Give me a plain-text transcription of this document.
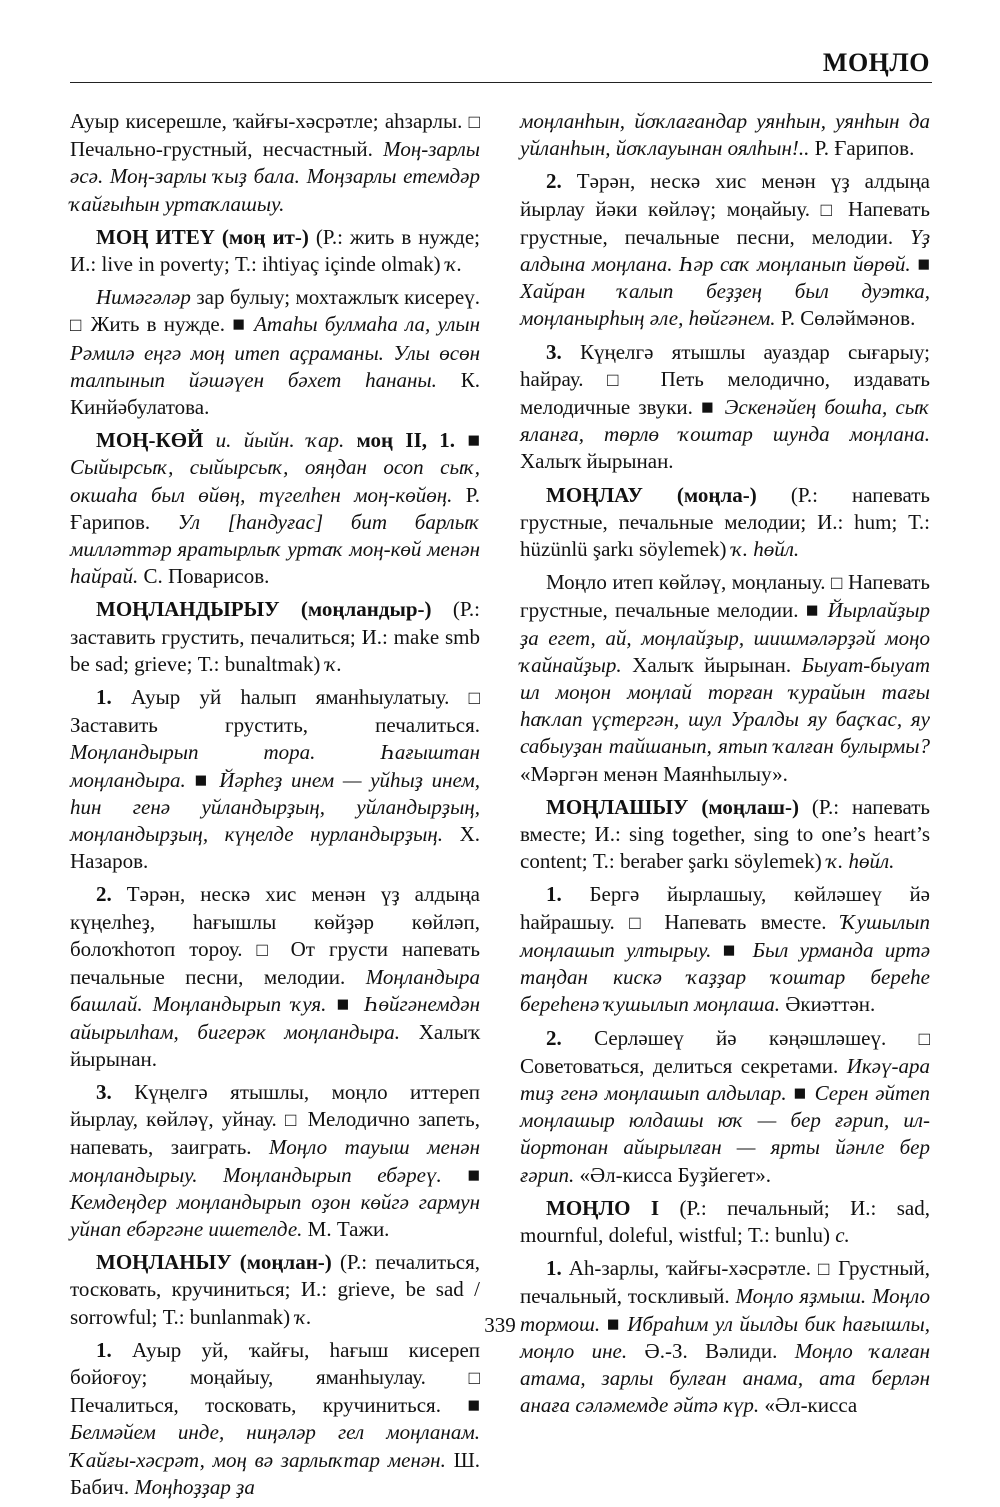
МОҢЛО

Ауыр кисерешле, ҡайғы-хәсрәтле; аһзарлы. □ Печально-грустный, несчастный. Моң-зарлы әсә. Моң-зарлы ҡыҙ бала. Моңзарлы етемдәр ҡайғыһын уртаҡлашыу.

МОҢ ИТЕҮ (моң ит-) (Р.: жить в нужде; И.: live in poverty; Т.: ihtiyaç içinde olmak) ҡ.

Нимәгәләр зар булыу; мохтажлыҡ кисереү. □ Жить в нужде. ■ Атаһы булмаһа ла, улын Рәмилә еңгә моң итеп аҫраманы. Улы өсөн талпынып йәшәүен бәхет һананы. К. Кинйәбулатова.

МОҢ-КӨЙ и. йыйн. ҡар. моң II, 1. ■ Сыйырсыҡ, сыйырсыҡ, ояңдан осоп сыҡ, окшаһа был өйөң, түгелһен моң-көйөң. Р. Ғарипов. Ул [һандуғас] бит барлыҡ милләттәр яратырлыҡ уртаҡ моң-көй менән һайрай. С. Поварисов.

МОҢЛАНДЫРЫУ (моңландыр-) (Р.: заставить грустить, печалиться; И.: make smb be sad; grieve; Т.: bunaltmak) ҡ.

1. Ауыр уй һалып яманһыулатыу. □ Заставить грустить, печалиться. Моңландырып тора. Һағыштан моңландыра. ■ Йәрһеҙ инем — уйһыҙ инем, һин генә уйландырҙың, уйландырҙың, моңландырҙың, күңелде нурландырҙың. Х. Назаров.

2. Тәрән, нескә хис менән үҙ алдыңа күңелһеҙ, һағышлы көйҙәр көйләп, болоҡһотоп тороу. □ От грусти напевать печальные песни, мелодии. Моңландыра башлай. Моңландырып ҡуя. ■ Һөйгәнемдән айырылһам, бигерәк моңландыра. Халыҡ йырынан.

3. Күңелгә ятышлы, моңло иттереп йырлау, көйләү, уйнау. □ Мелодично запеть, напевать, заиграть. Моңло тауыш менән моңландырыу. Моңландырып ебәреү. ■ Кемдеңдер моңландырып оҙон көйгә гармун уйнап ебәргәне ишетелде. М. Тажи.

МОҢЛАНЫУ (моңлан-) (Р.: печалиться, тосковать, кручиниться; И.: grieve, be sad / sorrowful; Т.: bunlanmak) ҡ.

1. Ауыр уй, ҡайғы, һағыш кисереп бойоғоу; моңайыу, яманһыулау. □ Печалиться, тосковать, кручиниться. ■ Белмәйем инде, ниңәләр гел моңланам. Ҡайғы-хәсрәт, моң вә зарлыҡтар менән. Ш. Бабич. Моңһоҙҙар ҙа

моңланһын, йоҡлағандар уянһын, уянһын да уйланһын, йоҡлауынан оялһын!.. Р. Ғарипов.

2. Тәрән, нескә хис менән үҙ алдыңа йырлау йәки көйләү; моңайыу. □ Напевать грустные, печальные песни, мелодии. Үҙ алдына моңлана. Һәр саҡ моңланып йөрөй. ■ Хайран ҡалып беҙҙең был дуэтка, моңланырһың әле, һөйгәнем. Р. Сөләймәнов.

3. Күңелгә ятышлы ауаздар сығарыу; һайрау. □ Петь мелодично, издавать мелодичные звуки. ■ Эскенәйең бошһа, сыҡ яланға, төрлө ҡоштар шунда моңлана. Халыҡ йырынан.

МОҢЛАУ (моңла-) (Р.: напевать грустные, печальные мелодии; И.: hum; Т.: hüzünlü şarkı söylemek) ҡ. һөйл.

Моңло итеп көйләү, моңланыу. □ Напевать грустные, печальные мелодии. ■ Йырлайҙыр ҙа егет, ай, моңлайҙыр, шишмәләрҙәй моңо ҡайнайҙыр. Халыҡ йырынан. Быуат-быуат ил моңон моңлай торған ҡурайын тағы һаҡлап үҫтергән, шул Уралды яу баҫҡас, яу сабыуҙан тайшанып, ятып ҡалған булырмы? «Мәргән менән Маянһылыу».

МОҢЛАШЫУ (моңлаш-) (Р.: напевать вместе; И.: sing together, sing to one’s heart’s content; Т.: beraber şarkı söylemek) ҡ. һөйл.

1. Бергә йырлашыу, көйләшеү йә һайрашыу. □ Напевать вместе. Ҡушылып моңлашып ултырыу. ■ Был урманда иртә таңдан кискә ҡаҙҙар ҡоштар береһе береһенә ҡушылып моңлаша. Әкиәттән.

2. Серләшеү йә кәңәшләшеү. □ Советоваться, делиться секретами. Икәү-ара тиҙ генә моңлашып алдылар. ■ Серен әйтеп моңлашыр юлдашы юҡ — бер ғәрип, ил-йортонан айырылған — ярты йәнле бер ғәрип. «Әл-кисса Буҙйегет».

МОҢЛО I (Р.: печальный; И.: sad, mournful, doleful, wistful; Т.: bunlu) с.

1. Аһ-зарлы, ҡайғы-хәсрәтле. □ Грустный, печальный, тоскливый. Моңло яҙмыш. Моңло тормош. ■ Ибраһим ул йылды бик һағышлы, моңло ине. Ә.-З. Вәлиди. Моңло ҡалған атама, зарлы булған анама, ата берлән анаға сәләмемде әйтә күр. «Әл-кисса

339
